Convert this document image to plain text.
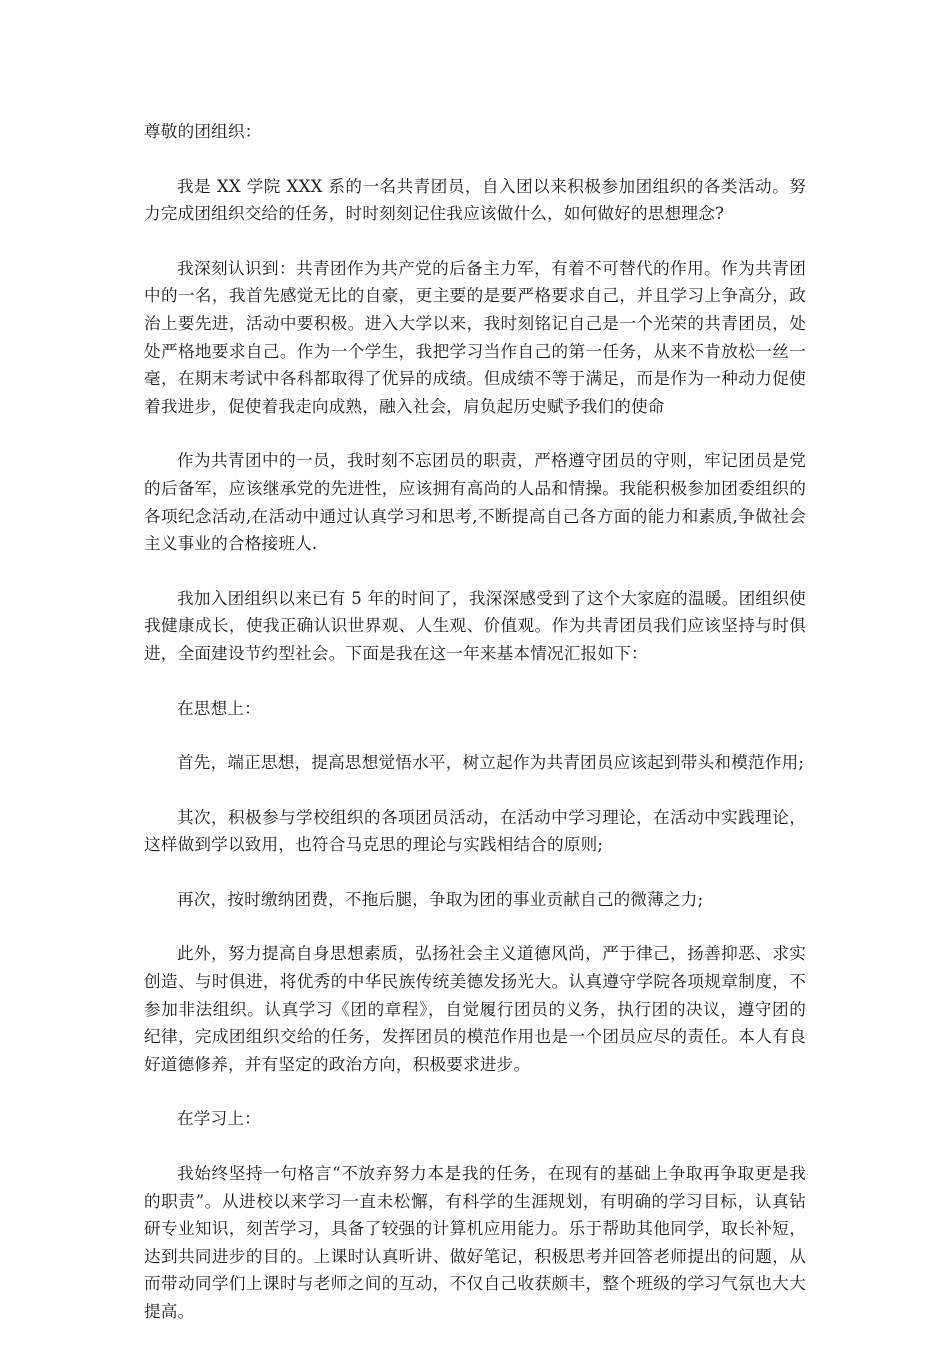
尊敬的团组织：

我是 XX 学院 XXX 系的一名共青团员，自入团以来积极参加团组织的各类活动。努力完成团组织交给的任务，时时刻刻记住我应该做什么，如何做好的思想理念?

我深刻认识到：共青团作为共产党的后备主力军，有着不可替代的作用。作为共青团中的一名，我首先感觉无比的自豪，更主要的是要严格要求自己，并且学习上争高分，政治上要先进，活动中要积极。进入大学以来，我时刻铭记自己是一个光荣的共青团员，处处严格地要求自己。作为一个学生，我把学习当作自己的第一任务，从来不肯放松一丝一毫，在期末考试中各科都取得了优异的成绩。但成绩不等于满足，而是作为一种动力促使着我进步，促使着我走向成熟，融入社会，肩负起历史赋予我们的使命

作为共青团中的一员，我时刻不忘团员的职责，严格遵守团员的守则，牢记团员是党的后备军，应该继承党的先进性，应该拥有高尚的人品和情操。我能积极参加团委组织的各项纪念活动,在活动中通过认真学习和思考,不断提高自己各方面的能力和素质,争做社会主义事业的合格接班人.

我加入团组织以来已有 5 年的时间了，我深深感受到了这个大家庭的温暖。团组织使我健康成长，使我正确认识世界观、人生观、价值观。作为共青团员我们应该坚持与时俱进，全面建设节约型社会。下面是我在这一年来基本情况汇报如下：

在思想上：

首先，端正思想，提高思想觉悟水平，树立起作为共青团员应该起到带头和模范作用;

其次，积极参与学校组织的各项团员活动，在活动中学习理论，在活动中实践理论，这样做到学以致用，也符合马克思的理论与实践相结合的原则;

再次，按时缴纳团费，不拖后腿，争取为团的事业贡献自己的微薄之力;

此外，努力提高自身思想素质，弘扬社会主义道德风尚，严于律己，扬善抑恶、求实创造、与时俱进，将优秀的中华民族传统美德发扬光大。认真遵守学院各项规章制度，不参加非法组织。认真学习《团的章程》，自觉履行团员的义务，执行团的决议，遵守团的纪律，完成团组织交给的任务，发挥团员的模范作用也是一个团员应尽的责任。本人有良好道德修养，并有坚定的政治方向，积极要求进步。

在学习上：

我始终坚持一句格言“不放弃努力本是我的任务，在现有的基础上争取再争取更是我的职责”。从进校以来学习一直未松懈，有科学的生涯规划，有明确的学习目标，认真钻研专业知识，刻苦学习，具备了较强的计算机应用能力。乐于帮助其他同学，取长补短，达到共同进步的目的。上课时认真听讲、做好笔记，积极思考并回答老师提出的问题，从而带动同学们上课时与老师之间的互动，不仅自己收获颇丰，整个班级的学习气氛也大大提高。
